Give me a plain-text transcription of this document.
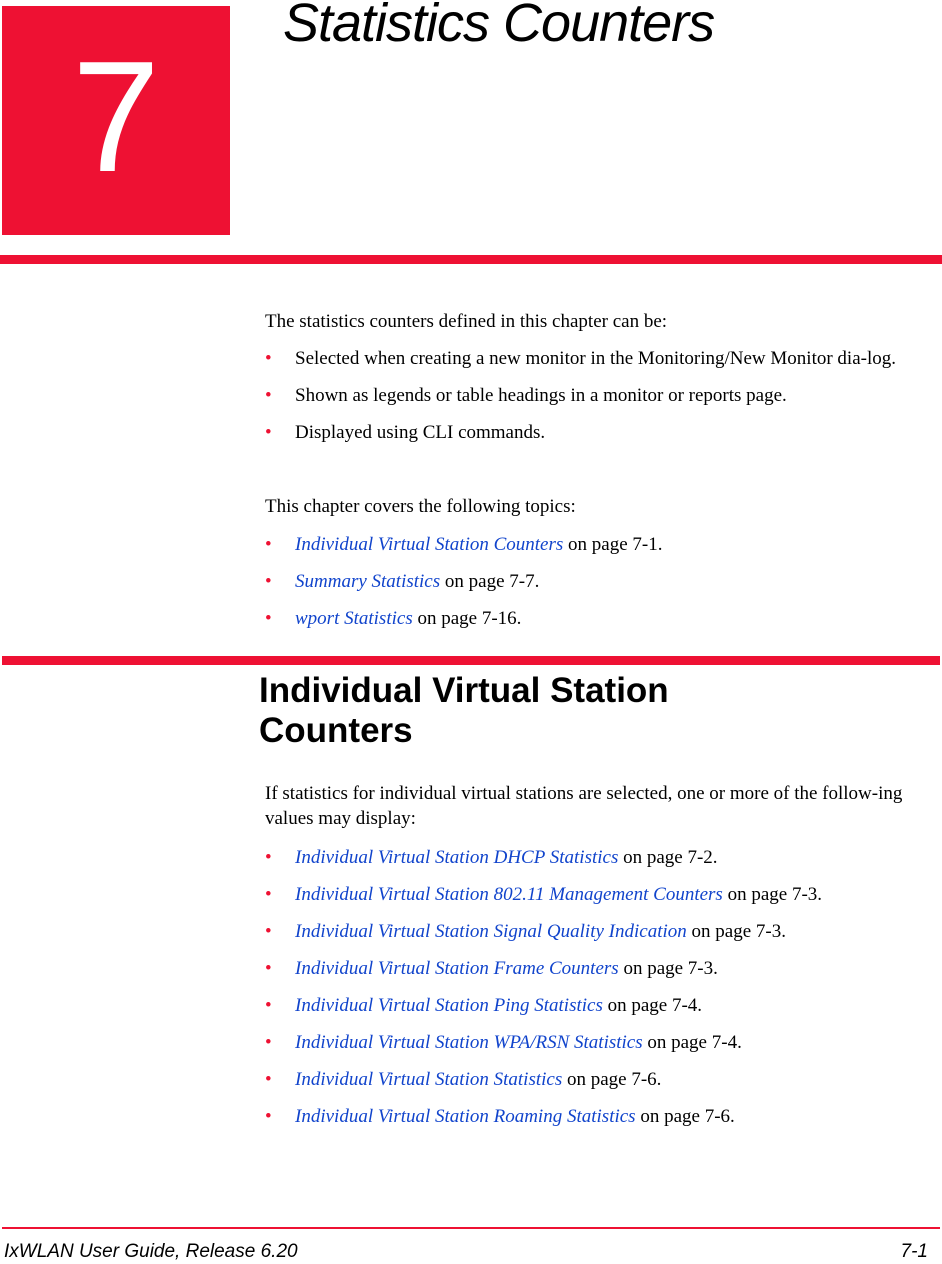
7
Statistics Counters

The statistics counters defined in this chapter can be:

• Selected when creating a new monitor in the Monitoring/New Monitor dia-log.
• Shown as legends or table headings in a monitor or reports page.
• Displayed using CLI commands.

This chapter covers the following topics:

• Individual Virtual Station Counters on page 7-1.
• Summary Statistics on page 7-7.
• wport Statistics on page 7-16.
Individual Virtual Station Counters

If statistics for individual virtual stations are selected, one or more of the follow-ing values may display:

• Individual Virtual Station DHCP Statistics on page 7-2.
• Individual Virtual Station 802.11 Management Counters on page 7-3.
• Individual Virtual Station Signal Quality Indication on page 7-3.
• Individual Virtual Station Frame Counters on page 7-3.
• Individual Virtual Station Ping Statistics on page 7-4.
• Individual Virtual Station WPA/RSN Statistics on page 7-4.
• Individual Virtual Station Statistics on page 7-6.
• Individual Virtual Station Roaming Statistics on page 7-6.
IxWLAN User Guide, Release 6.20	7-1
